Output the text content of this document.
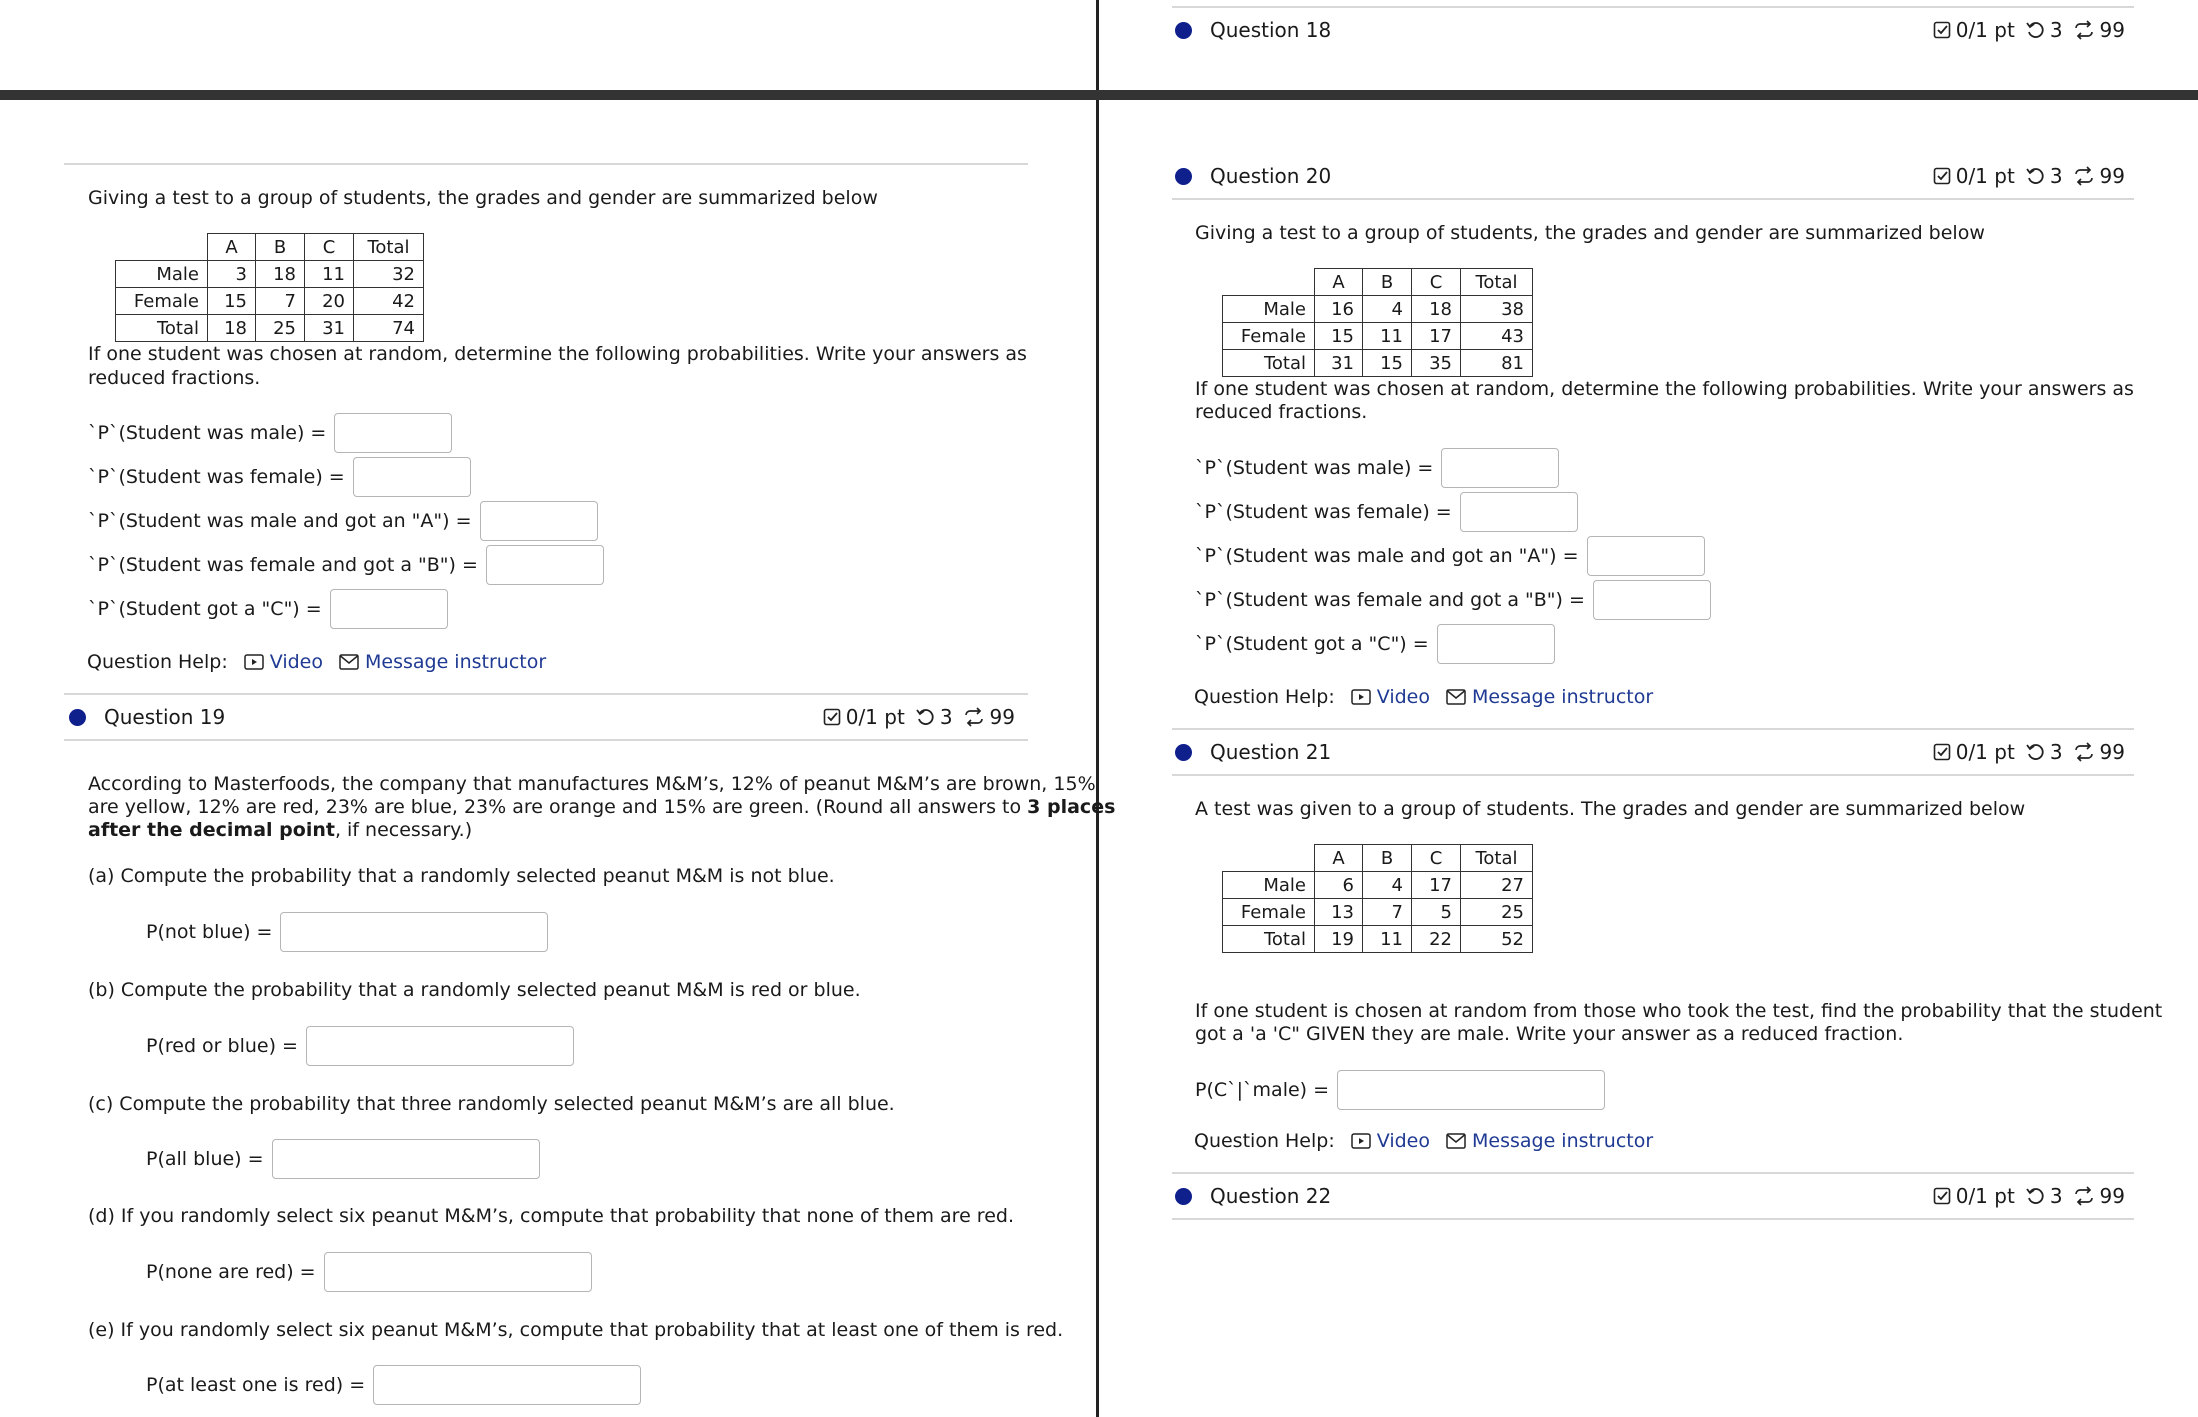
Question 18	0/1 pt 3 99
Giving a test to a group of students, the grades and gender are summarized below
	A	B	C	Total
Male	3	18	11	32
Female	15	7	20	42
Total	18	25	31	74
If one student was chosen at random, determine the following probabilities. Write your answers as
reduced fractions.
`P`(Student was male) =
`P`(Student was female) =
`P`(Student was male and got an "A") =
`P`(Student was female and got a "B") =
`P`(Student got a "C") =
Question Help: Video Message instructor
Question 19	0/1 pt 3 99
According to Masterfoods, the company that manufactures M&M’s, 12% of peanut M&M’s are brown, 15%
are yellow, 12% are red, 23% are blue, 23% are orange and 15% are green. (Round all answers to 3 places
after the decimal point, if necessary.)
(a) Compute the probability that a randomly selected peanut M&M is not blue.
P(not blue) =
(b) Compute the probability that a randomly selected peanut M&M is red or blue.
P(red or blue) =
(c) Compute the probability that three randomly selected peanut M&M’s are all blue.
P(all blue) =
(d) If you randomly select six peanut M&M’s, compute that probability that none of them are red.
P(none are red) =
(e) If you randomly select six peanut M&M’s, compute that probability that at least one of them is red.
P(at least one is red) =
Question 20	0/1 pt 3 99
Giving a test to a group of students, the grades and gender are summarized below
	A	B	C	Total
Male	16	4	18	38
Female	15	11	17	43
Total	31	15	35	81
If one student was chosen at random, determine the following probabilities. Write your answers as
reduced fractions.
`P`(Student was male) =
`P`(Student was female) =
`P`(Student was male and got an "A") =
`P`(Student was female and got a "B") =
`P`(Student got a "C") =
Question Help: Video Message instructor
Question 21	0/1 pt 3 99
A test was given to a group of students. The grades and gender are summarized below
	A	B	C	Total
Male	6	4	17	27
Female	13	7	5	25
Total	19	11	22	52
If one student is chosen at random from those who took the test, find the probability that the student
got a 'a 'C" GIVEN they are male. Write your answer as a reduced fraction.
P(C`|`male) =
Question Help: Video Message instructor
Question 22	0/1 pt 3 99
